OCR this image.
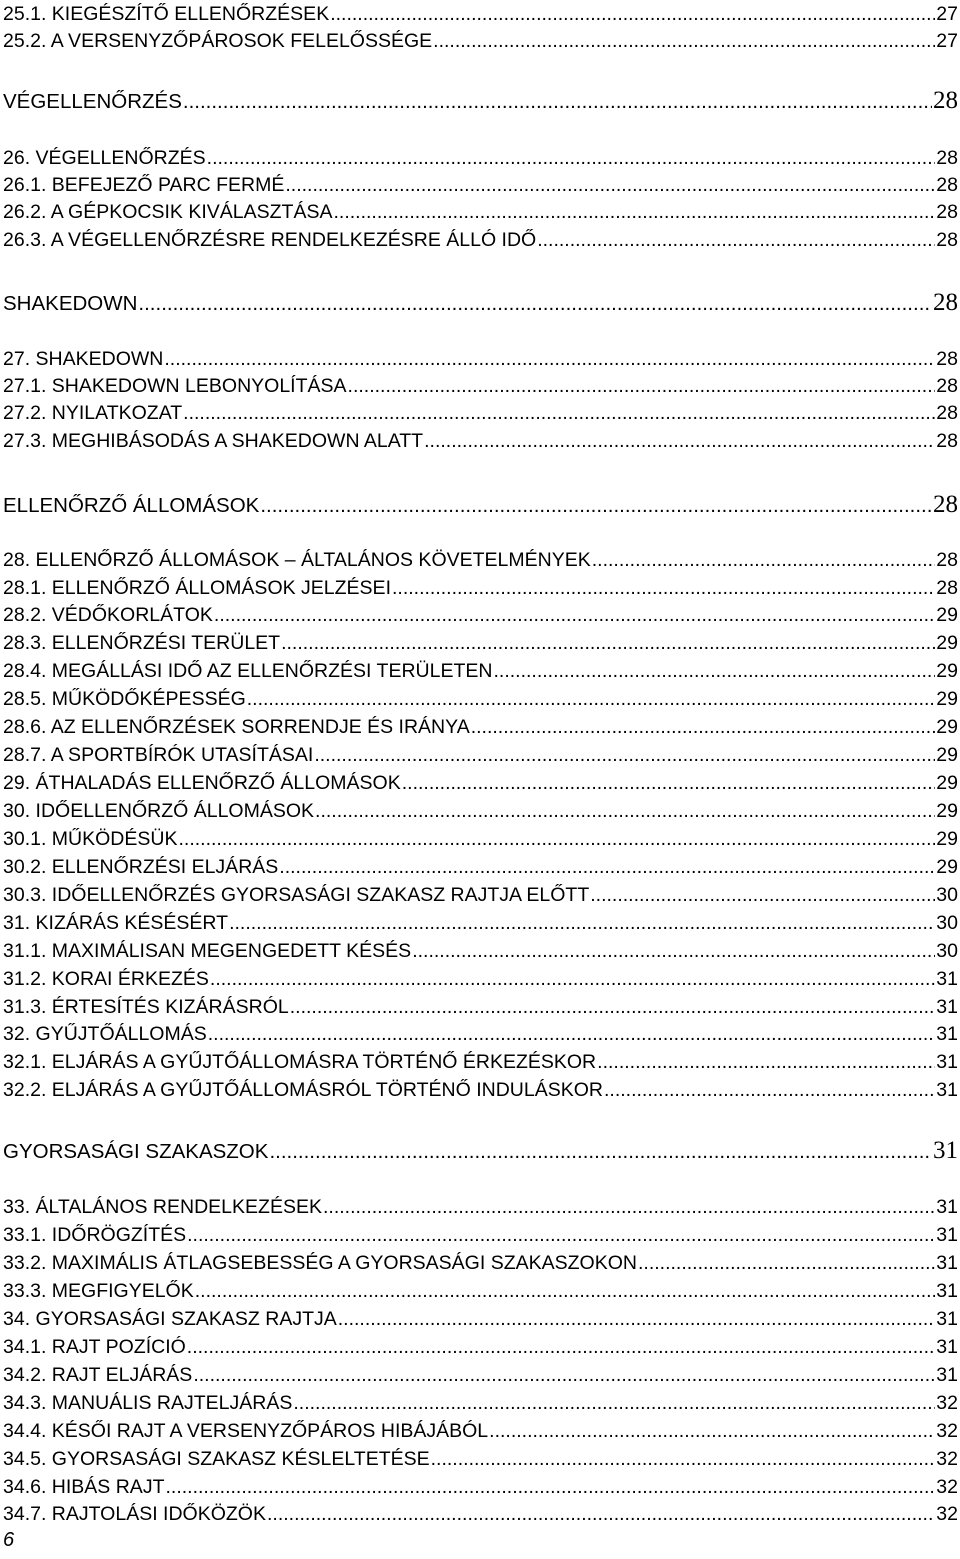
25.1. KIEGÉSZÍTŐ ELLENŐRZÉSEK .....	27
25.2. A VERSENYZŐPÁROSOK FELELŐSSÉGE .....	27
VÉGELLENŐRZÉS .....	28
26. VÉGELLENŐRZÉS .....	28
26.1. BEFEJEZŐ PARC FERMÉ .....	28
26.2. A GÉPKOCSIK KIVÁLASZTÁSA .....	28
26.3. A VÉGELLENŐRZÉSRE RENDELKEZÉSRE ÁLLÓ IDŐ .....	28
SHAKEDOWN .....	28
27. SHAKEDOWN .....	28
27.1. SHAKEDOWN LEBONYOLÍTÁSA .....	28
27.2. NYILATKOZAT .....	28
27.3. MEGHIBÁSODÁS A SHAKEDOWN ALATT .....	28
ELLENŐRZŐ ÁLLOMÁSOK .....	28
28. ELLENŐRZŐ ÁLLOMÁSOK – ÁLTALÁNOS KÖVETELMÉNYEK .....	28
28.1. ELLENŐRZŐ ÁLLOMÁSOK JELZÉSEI .....	28
28.2. VÉDŐKORLÁTOK .....	29
28.3. ELLENŐRZÉSI TERÜLET .....	29
28.4. MEGÁLLÁSI IDŐ AZ ELLENŐRZÉSI TERÜLETEN .....	29
28.5. MŰKÖDŐKÉPESSÉG .....	29
28.6. AZ ELLENŐRZÉSEK SORRENDJE ÉS IRÁNYA .....	29
28.7. A SPORTBÍRÓK UTASÍTÁSAI .....	29
29. ÁTHALADÁS ELLENŐRZŐ ÁLLOMÁSOK .....	29
30. IDŐELLENŐRZŐ ÁLLOMÁSOK .....	29
30.1. MŰKÖDÉSÜK .....	29
30.2. ELLENŐRZÉSI ELJÁRÁS .....	29
30.3. IDŐELLENŐRZÉS GYORSASÁGI SZAKASZ RAJTJA ELŐTT .....	30
31. KIZÁRÁS KÉSÉSÉRT .....	30
31.1. MAXIMÁLISAN MEGENGEDETT KÉSÉS .....	30
31.2. KORAI ÉRKEZÉS .....	31
31.3. ÉRTESÍTÉS KIZÁRÁSRÓL .....	31
32. GYŰJTŐÁLLOMÁS .....	31
32.1. ELJÁRÁS A GYŰJTŐÁLLOMÁSRA TÖRTÉNŐ ÉRKEZÉSKOR .....	31
32.2. ELJÁRÁS A GYŰJTŐÁLLOMÁSRÓL TÖRTÉNŐ INDULÁSKOR .....	31
GYORSASÁGI SZAKASZOK .....	31
33. ÁLTALÁNOS RENDELKEZÉSEK .....	31
33.1. IDŐRÖGZÍTÉS .....	31
33.2. MAXIMÁLIS ÁTLAGSEBESSÉG A GYORSASÁGI SZAKASZOKON .....	31
33.3. MEGFIGYELŐK .....	31
34. GYORSASÁGI SZAKASZ RAJTJA .....	31
34.1. RAJT POZÍCIÓ .....	31
34.2. RAJT ELJÁRÁS .....	31
34.3. MANUÁLIS RAJTELJÁRÁS .....	32
34.4. KÉSŐI RAJT A VERSENYZŐPÁROS HIBÁJÁBÓL .....	32
34.5. GYORSASÁGI SZAKASZ KÉSLELTETÉSE .....	32
34.6. HIBÁS RAJT .....	32
34.7. RAJTOLÁSI IDŐKÖZÖK .....	32
6
